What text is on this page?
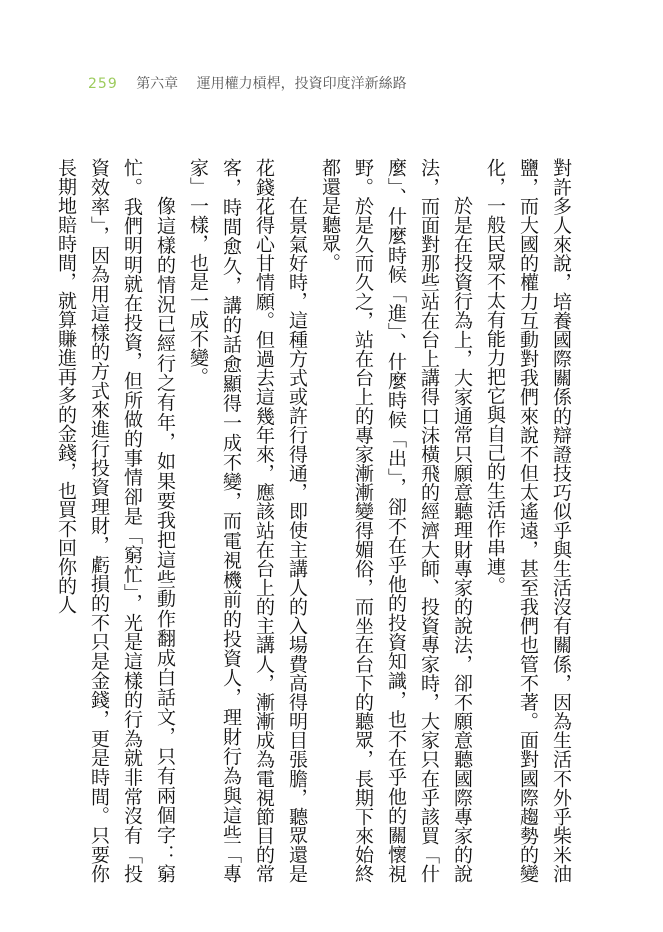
259 第六章 運用權力槓桿，投資印度洋新絲路

對許多人來說，培養國際關係的辯證技巧似乎與生活沒有關係，因為生活不外乎柴米油鹽，而大國的權力互動對我們來說不但太遙遠，甚至我們也管不著。面對國際趨勢的變化，一般民眾不太有能力把它與自己的生活作串連。

於是在投資行為上，大家通常只願意聽理財專家的說法，卻不願意聽國際專家的說法，而面對那些站在台上講得口沫橫飛的經濟大師、投資專家時，大家只在乎該買「什麼」、什麼時候「進」、什麼時候「出」，卻不在乎他的投資知識，也不在乎他的關懷視野。於是久而久之，站在台上的專家漸漸變得媚俗，而坐在台下的聽眾，長期下來始終都還是聽眾。

在景氣好時，這種方式或許行得通，即使主講人的入場費高得明目張膽，聽眾還是花錢花得心甘情願。但過去這幾年來，應該站在台上的主講人，漸漸成為電視節目的常客，時間愈久，講的話愈顯得一成不變，而電視機前的投資人，理財行為與這些「專家」一樣，也是一成不變。

像這樣的情況已經行之有年，如果要我把這些動作翻成白話文，只有兩個字：窮忙。我們明明就在投資，但所做的事情卻是「窮忙」，光是這樣的行為就非常沒有「投資效率」，因為用這樣的方式來進行投資理財，虧損的不只是金錢，更是時間。只要你長期地賠時間，就算賺進再多的金錢，也買不回你的人
